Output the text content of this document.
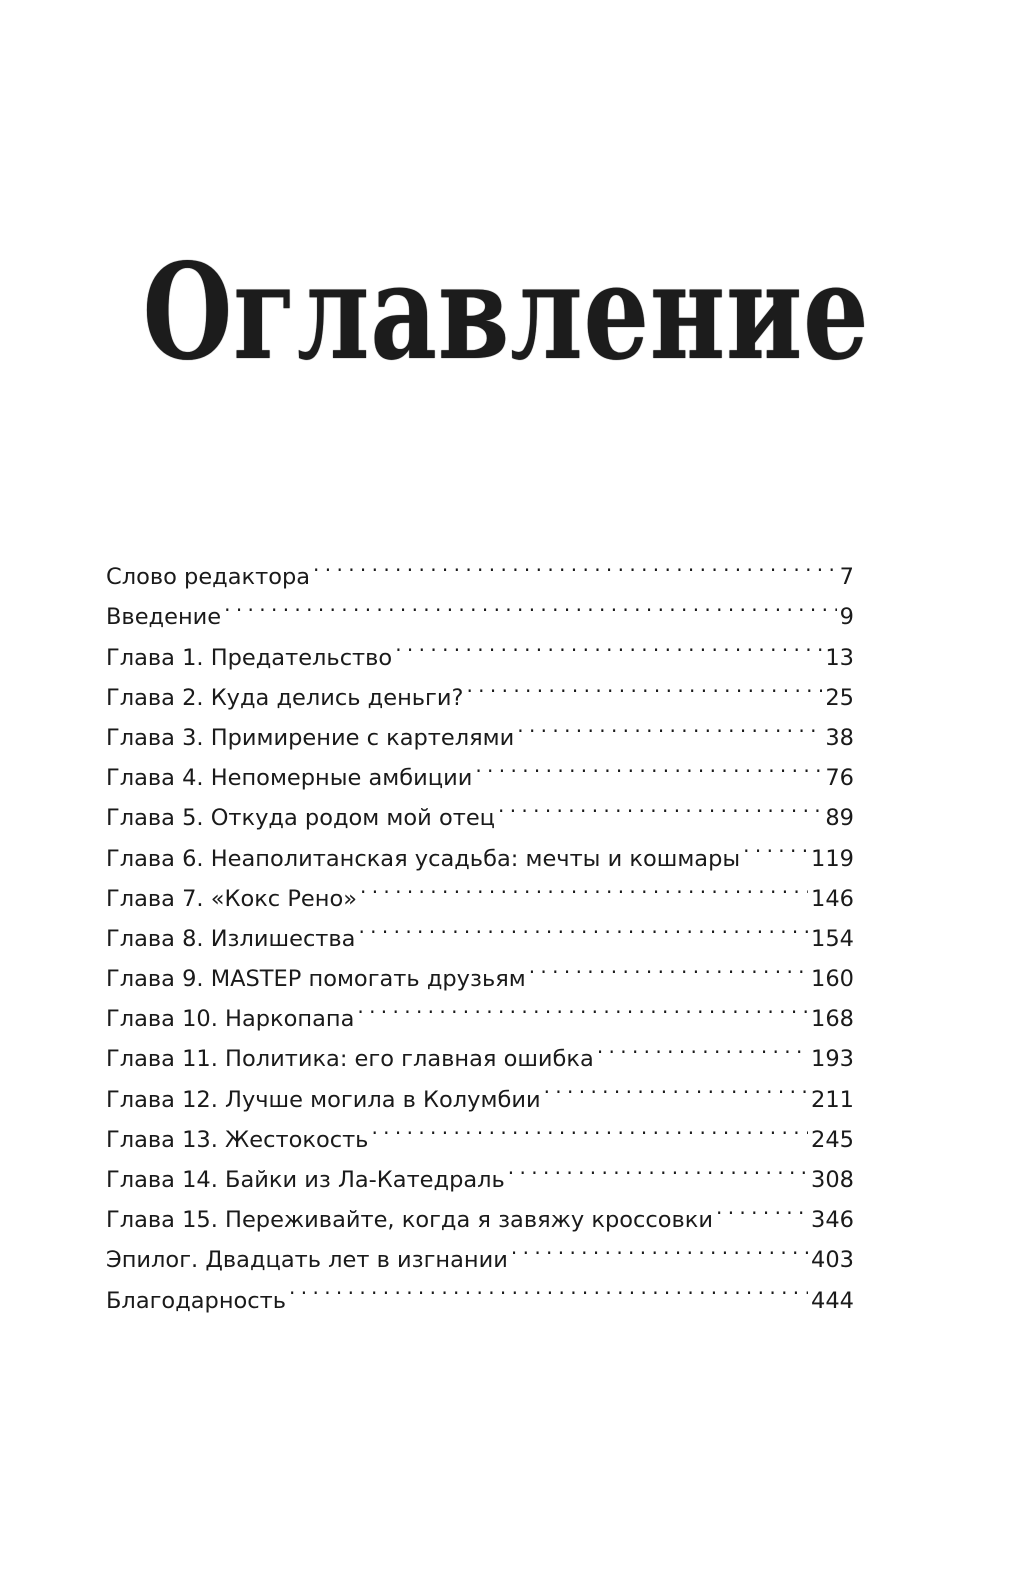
Оглавление
Слово редактора . . .	7
Введение . . .	9
Глава 1. Предательство . . .	13
Глава 2. Куда делись деньги? . . .	25
Глава 3. Примирение с картелями . . .	38
Глава 4. Непомерные амбиции . . .	76
Глава 5. Откуда родом мой отец . . .	89
Глава 6. Неаполитанская усадьба: мечты и кошмары . . .	119
Глава 7. «Кокс Рено» . . .	146
Глава 8. Излишества . . .	154
Глава 9. MASTEP помогать друзьям . . .	160
Глава 10. Наркопапа . . .	168
Глава 11. Политика: его главная ошибка . . .	193
Глава 12. Лучше могила в Колумбии . . .	211
Глава 13. Жестокость . . .	245
Глава 14. Байки из Ла-Катедраль . . .	308
Глава 15. Переживайте, когда я завяжу кроссовки . . .	346
Эпилог. Двадцать лет в изгнании . . .	403
Благодарность . . .	444
